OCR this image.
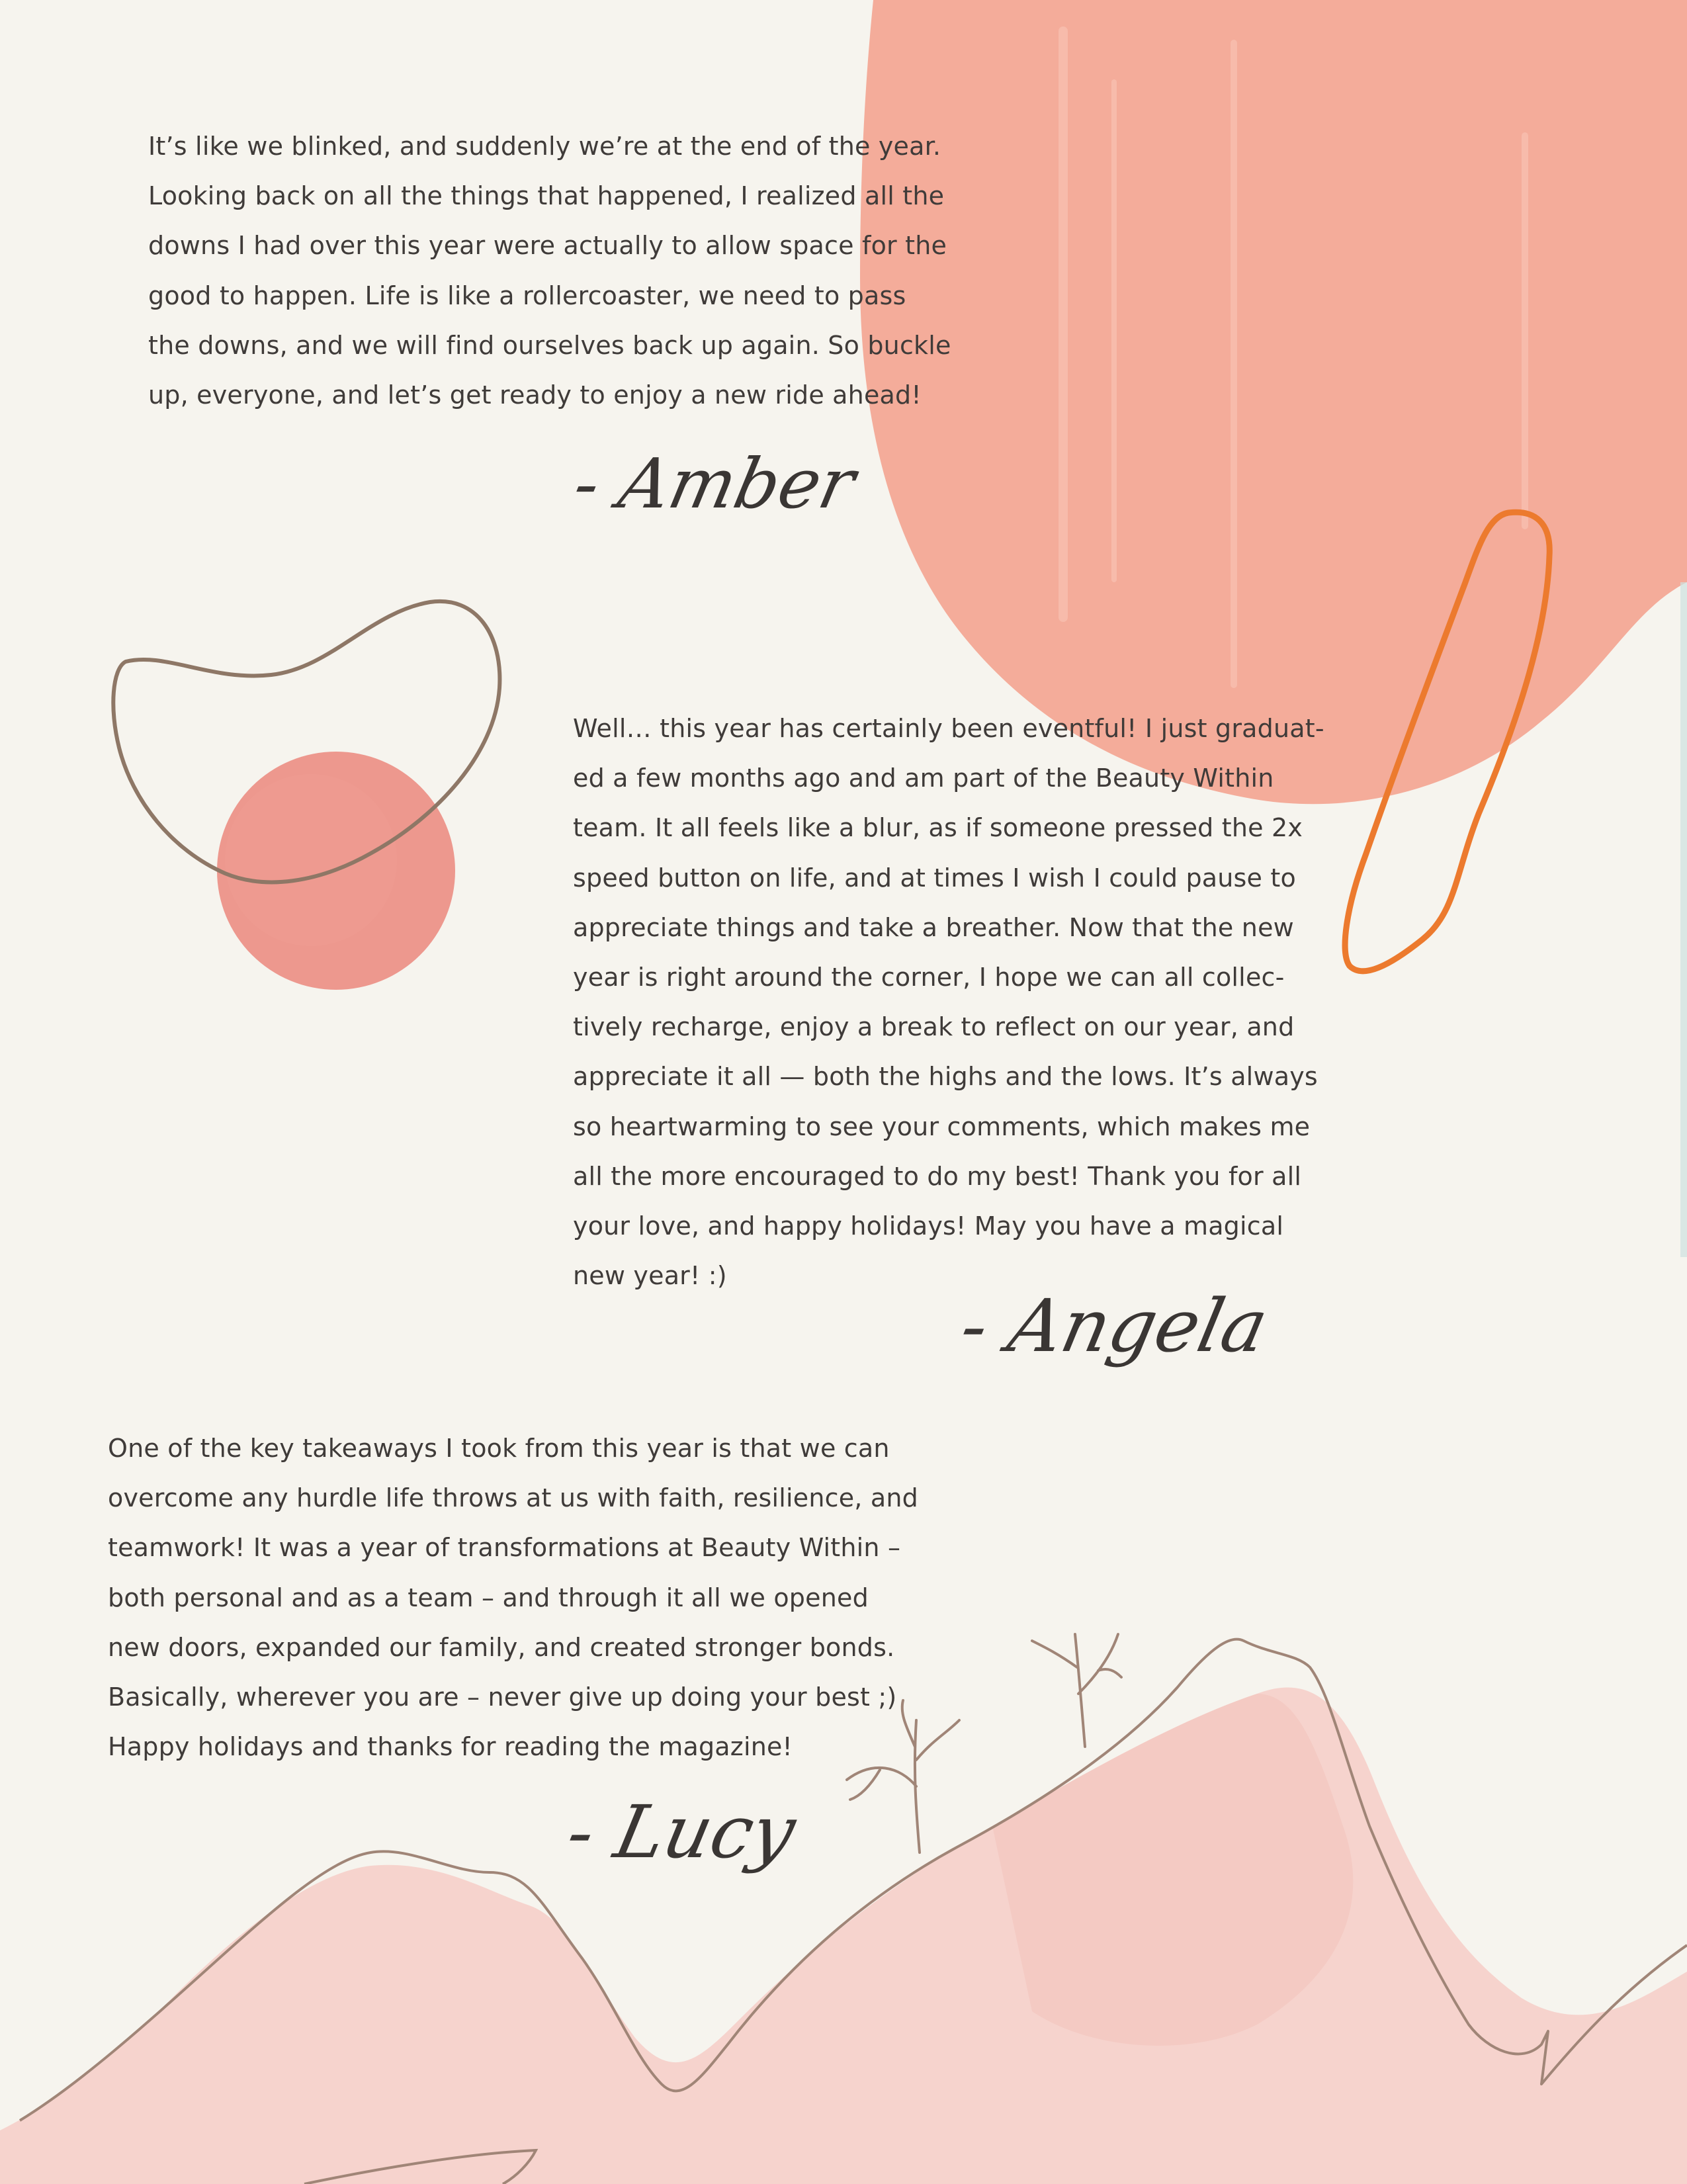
It’s like we blinked, and suddenly we’re at the end of the year.
Looking back on all the things that happened, I realized all the
downs I had over this year were actually to allow space for the
good to happen. Life is like a rollercoaster, we need to pass
the downs, and we will find ourselves back up again. So buckle
up, everyone, and let’s get ready to enjoy a new ride ahead!
- Amber
Well… this year has certainly been eventful! I just graduat-
ed a few months ago and am part of the Beauty Within
team. It all feels like a blur, as if someone pressed the 2x
speed button on life, and at times I wish I could pause to
appreciate things and take a breather. Now that the new
year is right around the corner, I hope we can all collec-
tively recharge, enjoy a break to reflect on our year, and
appreciate it all — both the highs and the lows. It’s always
so heartwarming to see your comments, which makes me
all the more encouraged to do my best! Thank you for all
your love, and happy holidays! May you have a magical
new year! :)
- Angela
One of the key takeaways I took from this year is that we can
overcome any hurdle life throws at us with faith, resilience, and
teamwork! It was a year of transformations at Beauty Within –
both personal and as a team – and through it all we opened
new doors, expanded our family, and created stronger bonds.
Basically, wherever you are – never give up doing your best ;)
Happy holidays and thanks for reading the magazine!
- Lucy
